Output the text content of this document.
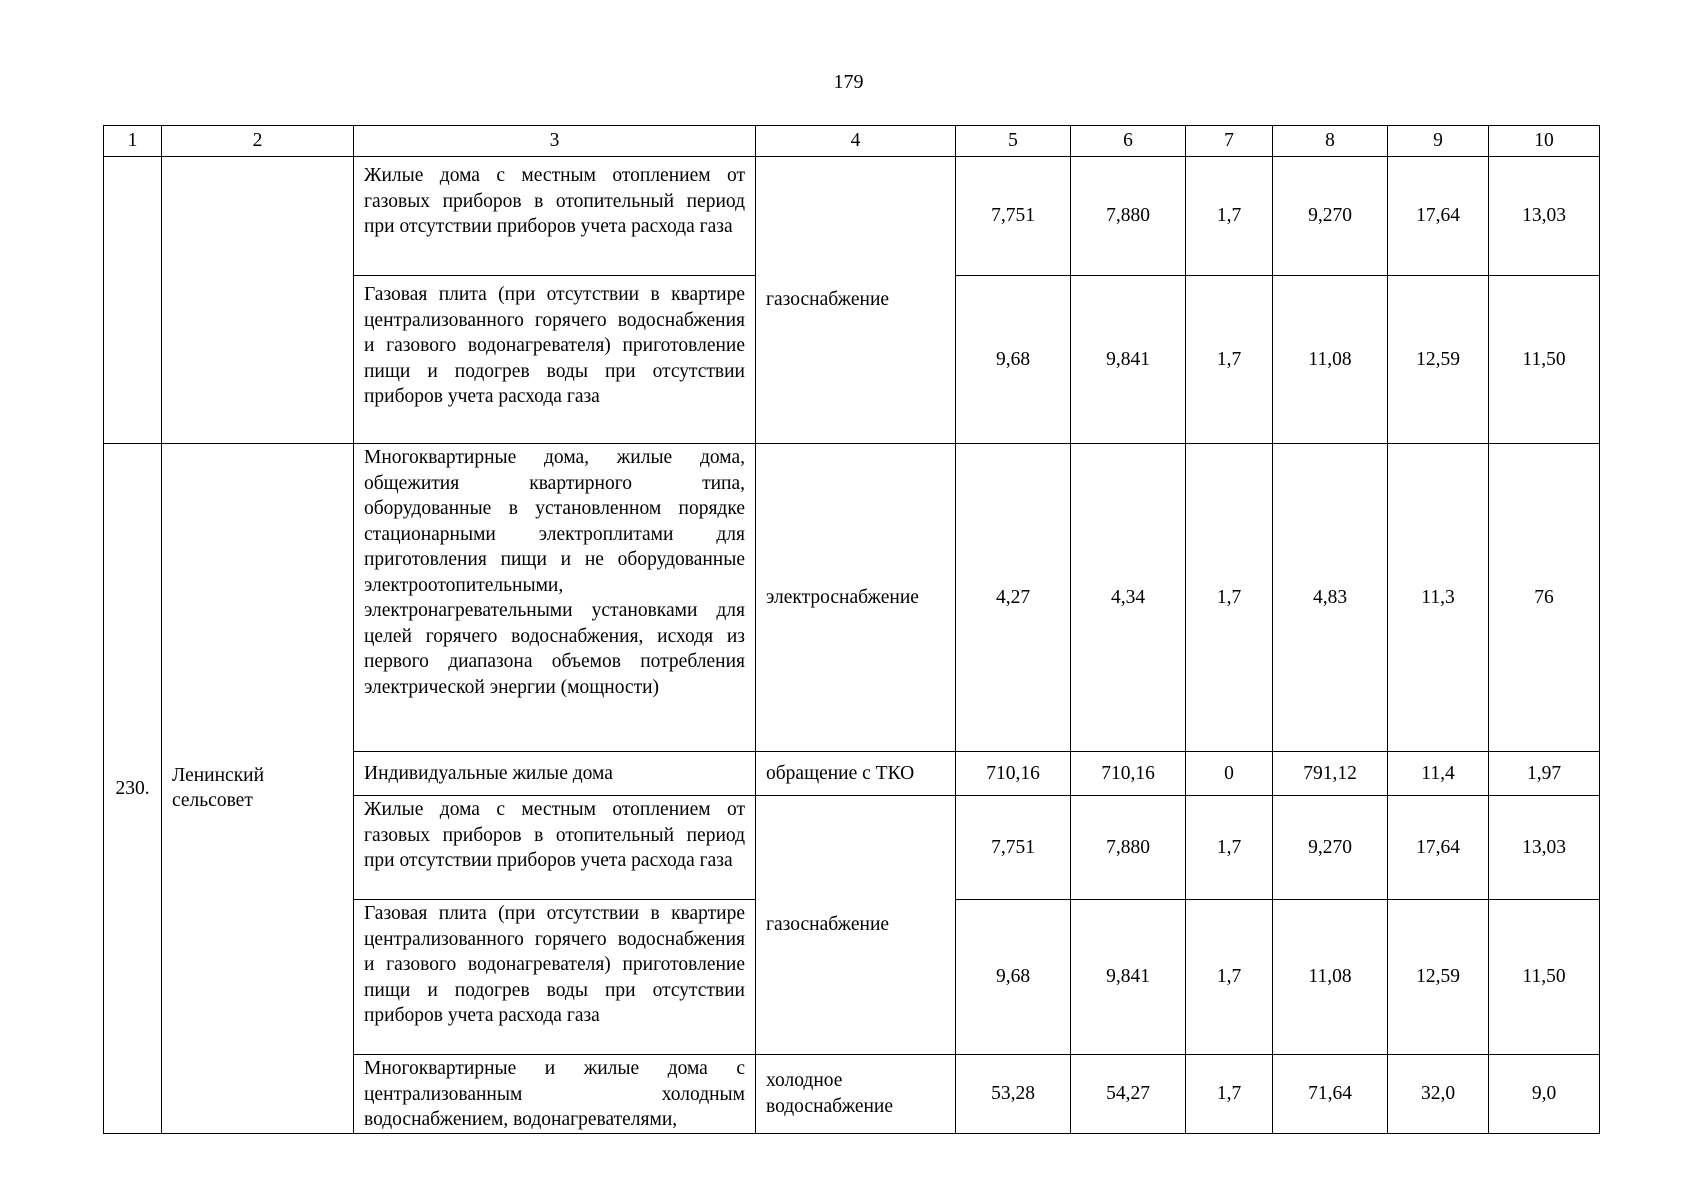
179
1	2	3	4	5	6	7	8	9	10
		Жилые дома с местным отоплением от газовых приборов в отопительный период при отсутствии приборов учета расхода газа	газоснабжение	7,751	7,880	1,7	9,270	17,64	13,03
		Газовая плита (при отсутствии в квартире централизованного горячего водоснабжения и газового водонагревателя) приготовление пищи и подогрев воды при отсутствии приборов учета расхода газа		9,68	9,841	1,7	11,08	12,59	11,50
230.	Ленинский сельсовет	Многоквартирные дома, жилые дома, общежития квартирного типа, оборудованные в установленном порядке стационарными электроплитами для приготовления пищи и не оборудованные электроотопительными, электронагревательными установками для целей горячего водоснабжения, исходя из первого диапазона объемов потребления электрической энергии (мощности)	электроснабжение	4,27	4,34	1,7	4,83	11,3	76
		Индивидуальные жилые дома	обращение с ТКО	710,16	710,16	0	791,12	11,4	1,97
		Жилые дома с местным отоплением от газовых приборов в отопительный период при отсутствии приборов учета расхода газа	газоснабжение	7,751	7,880	1,7	9,270	17,64	13,03
		Газовая плита (при отсутствии в квартире централизованного горячего водоснабжения и газового водонагревателя) приготовление пищи и подогрев воды при отсутствии приборов учета расхода газа		9,68	9,841	1,7	11,08	12,59	11,50
		Многоквартирные и жилые дома с централизованным холодным водоснабжением, водонагревателями,	холодное водоснабжение	53,28	54,27	1,7	71,64	32,0	9,0
